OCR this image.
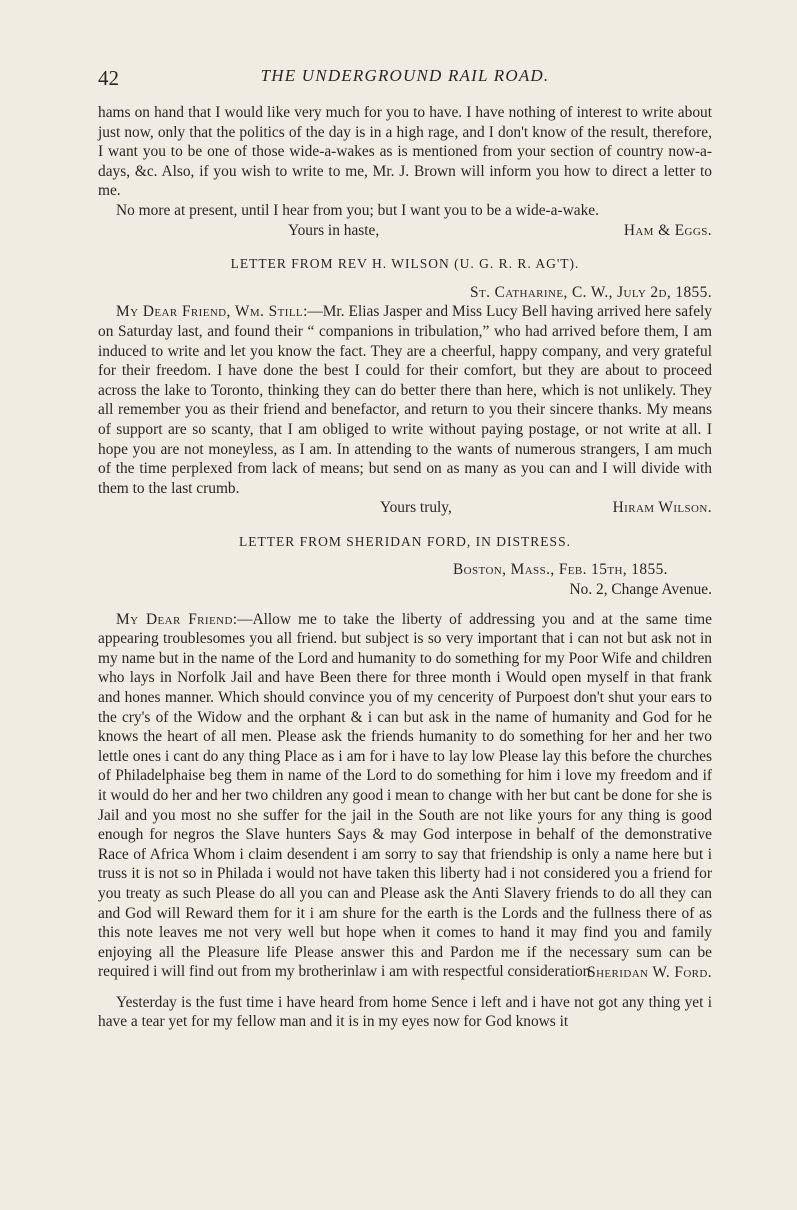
42	THE UNDERGROUND RAIL ROAD.

hams on hand that I would like very much for you to have. I have nothing of interest to write about just now, only that the politics of the day is in a high rage, and I don't know of the result, therefore, I want you to be one of those wide-a-wakes as is mentioned from your section of country now-a-days, &c. Also, if you wish to write to me, Mr. J. Brown will inform you how to direct a letter to me.

No more at present, until I hear from you; but I want you to be a wide-a-wake.

Yours in haste,	Ham & Eggs.
LETTER FROM REV H. WILSON (U. G. R. R. AG'T).
St. Catharine, C. W., July 2d, 1855.

My Dear Friend, Wm. Still:—Mr. Elias Jasper and Miss Lucy Bell having arrived here safely on Saturday last, and found their “ companions in tribulation,” who had arrived before them, I am induced to write and let you know the fact. They are a cheerful, happy company, and very grateful for their freedom. I have done the best I could for their comfort, but they are about to proceed across the lake to Toronto, thinking they can do better there than here, which is not unlikely. They all remember you as their friend and benefactor, and return to you their sincere thanks. My means of support are so scanty, that I am obliged to write without paying postage, or not write at all. I hope you are not moneyless, as I am. In attending to the wants of numerous strangers, I am much of the time perplexed from lack of means; but send on as many as you can and I will divide with them to the last crumb.

Yours truly,	Hiram Wilson.
LETTER FROM SHERIDAN FORD, IN DISTRESS.
Boston, Mass., Feb. 15th, 1855.
No. 2, Change Avenue.

My Dear Friend:—Allow me to take the liberty of addressing you and at the same time appearing troublesomes you all friend. but subject is so very important that i can not but ask not in my name but in the name of the Lord and humanity to do something for my Poor Wife and children who lays in Norfolk Jail and have Been there for three month i Would open myself in that frank and hones manner. Which should convince you of my cencerity of Purpoest don't shut your ears to the cry's of the Widow and the orphant & i can but ask in the name of humanity and God for he knows the heart of all men. Please ask the friends humanity to do something for her and her two lettle ones i cant do any thing Place as i am for i have to lay low Please lay this before the churches of Philadelphaise beg them in name of the Lord to do something for him i love my freedom and if it would do her and her two children any good i mean to change with her but cant be done for she is Jail and you most no she suffer for the jail in the South are not like yours for any thing is good enough for negros the Slave hunters Says & may God interpose in behalf of the demonstrative Race of Africa Whom i claim desendent i am sorry to say that friendship is only a name here but i truss it is not so in Philada i would not have taken this liberty had i not considered you a friend for you treaty as such Please do all you can and Please ask the Anti Slavery friends to do all they can and God will Reward them for it i am shure for the earth is the Lords and the fullness there of as this note leaves me not very well but hope when it comes to hand it may find you and family enjoying all the Pleasure life Please answer this and Pardon me if the necessary sum can be required i will find out from my brotherinlaw i am with respectful consideration

Sheridan W. Ford.

Yesterday is the fust time i have heard from home Sence i left and i have not got any thing yet i have a tear yet for my fellow man and it is in my eyes now for God knows it
